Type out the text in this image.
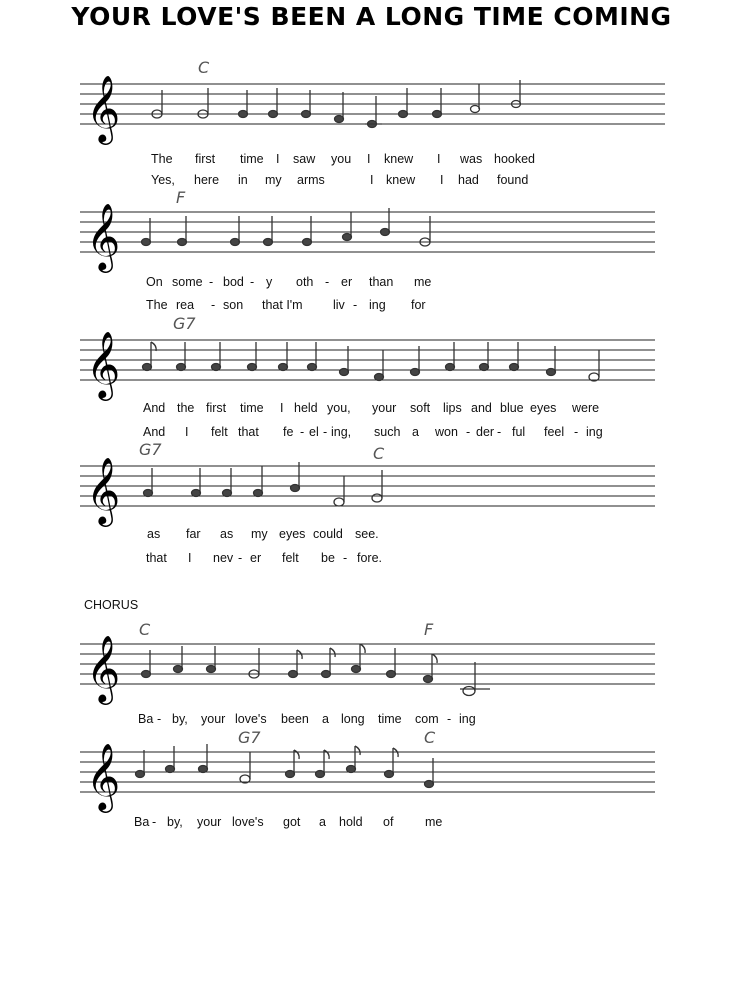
YOUR LOVE'S BEEN A LONG TIME COMING
C
𝄞
The first time I saw you I knew I was hooked
Yes, here in my arms	I knew I had found
F
𝄞
On some - bod - y oth - er than me
The rea - son that I'm liv - ing for
G7
𝄞
And the first time I held you, your soft lips and blue eyes were
And I felt that fe - el - ing, such a won - der - ful feel - ing
G7	C
𝄞
as far as my eyes could see.
that I nev - er felt be - fore.
CHORUS
C	F
𝄞
Ba - by, your love's been a long time com - ing
G7	C
𝄞
Ba - by, your love's got a hold of	me
